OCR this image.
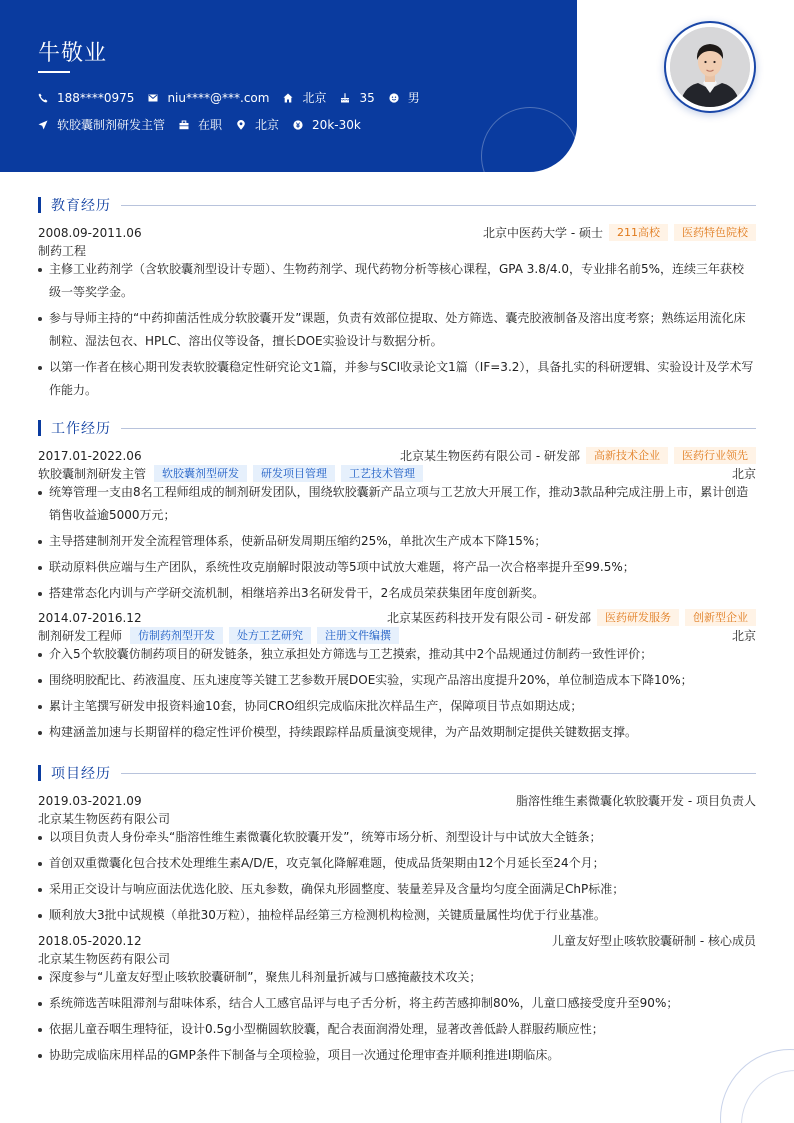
牛敬业
188****0975	niu****@***.com	北京	35	男
软胶囊制剂研发主管	在职	北京	20k-30k
教育经历
2008.09-2011.06	北京中医药大学 - 硕士	211高校	医药特色院校
制药工程
主修工业药剂学（含软胶囊剂型设计专题）、生物药剂学、现代药物分析等核心课程，GPA 3.8/4.0，专业排名前5%，连续三年获校级一等奖学金。
参与导师主持的“中药抑菌活性成分软胶囊开发”课题，负责有效部位提取、处方筛选、囊壳胶液制备及溶出度考察；熟练运用流化床制粒、湿法包衣、HPLC、溶出仪等设备，擅长DOE实验设计与数据分析。
以第一作者在核心期刊发表软胶囊稳定性研究论文1篇，并参与SCI收录论文1篇（IF=3.2），具备扎实的科研逻辑、实验设计及学术写作能力。
工作经历
2017.01-2022.06	北京某生物医药有限公司 - 研发部	高新技术企业	医药行业领先
软胶囊制剂研发主管	软胶囊剂型研发	研发项目管理	工艺技术管理	北京
统筹管理一支由8名工程师组成的制剂研发团队，围绕软胶囊新产品立项与工艺放大开展工作，推动3款品种完成注册上市，累计创造销售收益逾5000万元；
主导搭建制剂开发全流程管理体系，使新品研发周期压缩约25%，单批次生产成本下降15%；
联动原料供应端与生产团队，系统性攻克崩解时限波动等5项中试放大难题，将产品一次合格率提升至99.5%；
搭建常态化内训与产学研交流机制，相继培养出3名研发骨干，2名成员荣获集团年度创新奖。
2014.07-2016.12	北京某医药科技开发有限公司 - 研发部	医药研发服务	创新型企业
制剂研发工程师	仿制药剂型开发	处方工艺研究	注册文件编撰	北京
介入5个软胶囊仿制药项目的研发链条，独立承担处方筛选与工艺摸索，推动其中2个品规通过仿制药一致性评价；
围绕明胶配比、药液温度、压丸速度等关键工艺参数开展DOE实验，实现产品溶出度提升20%，单位制造成本下降10%；
累计主笔撰写研发申报资料逾10套，协同CRO组织完成临床批次样品生产，保障项目节点如期达成；
构建涵盖加速与长期留样的稳定性评价模型，持续跟踪样品质量演变规律，为产品效期制定提供关键数据支撑。
项目经历
2019.03-2021.09	脂溶性维生素微囊化软胶囊开发 - 项目负责人
北京某生物医药有限公司
以项目负责人身份牵头“脂溶性维生素微囊化软胶囊开发”，统筹市场分析、剂型设计与中试放大全链条；
首创双重微囊化包合技术处理维生素A/D/E，攻克氧化降解难题，使成品货架期由12个月延长至24个月；
采用正交设计与响应面法优选化胶、压丸参数，确保丸形圆整度、装量差异及含量均匀度全面满足ChP标准；
顺利放大3批中试规模（单批30万粒），抽检样品经第三方检测机构检测，关键质量属性均优于行业基准。
2018.05-2020.12	儿童友好型止咳软胶囊研制 - 核心成员
北京某生物医药有限公司
深度参与“儿童友好型止咳软胶囊研制”，聚焦儿科剂量折减与口感掩蔽技术攻关；
系统筛选苦味阻滞剂与甜味体系，结合人工感官品评与电子舌分析，将主药苦感抑制80%，儿童口感接受度升至90%；
依据儿童吞咽生理特征，设计0.5g小型椭圆软胶囊，配合表面润滑处理，显著改善低龄人群服药顺应性；
协助完成临床用样品的GMP条件下制备与全项检验，项目一次通过伦理审查并顺利推进Ⅰ期临床。
